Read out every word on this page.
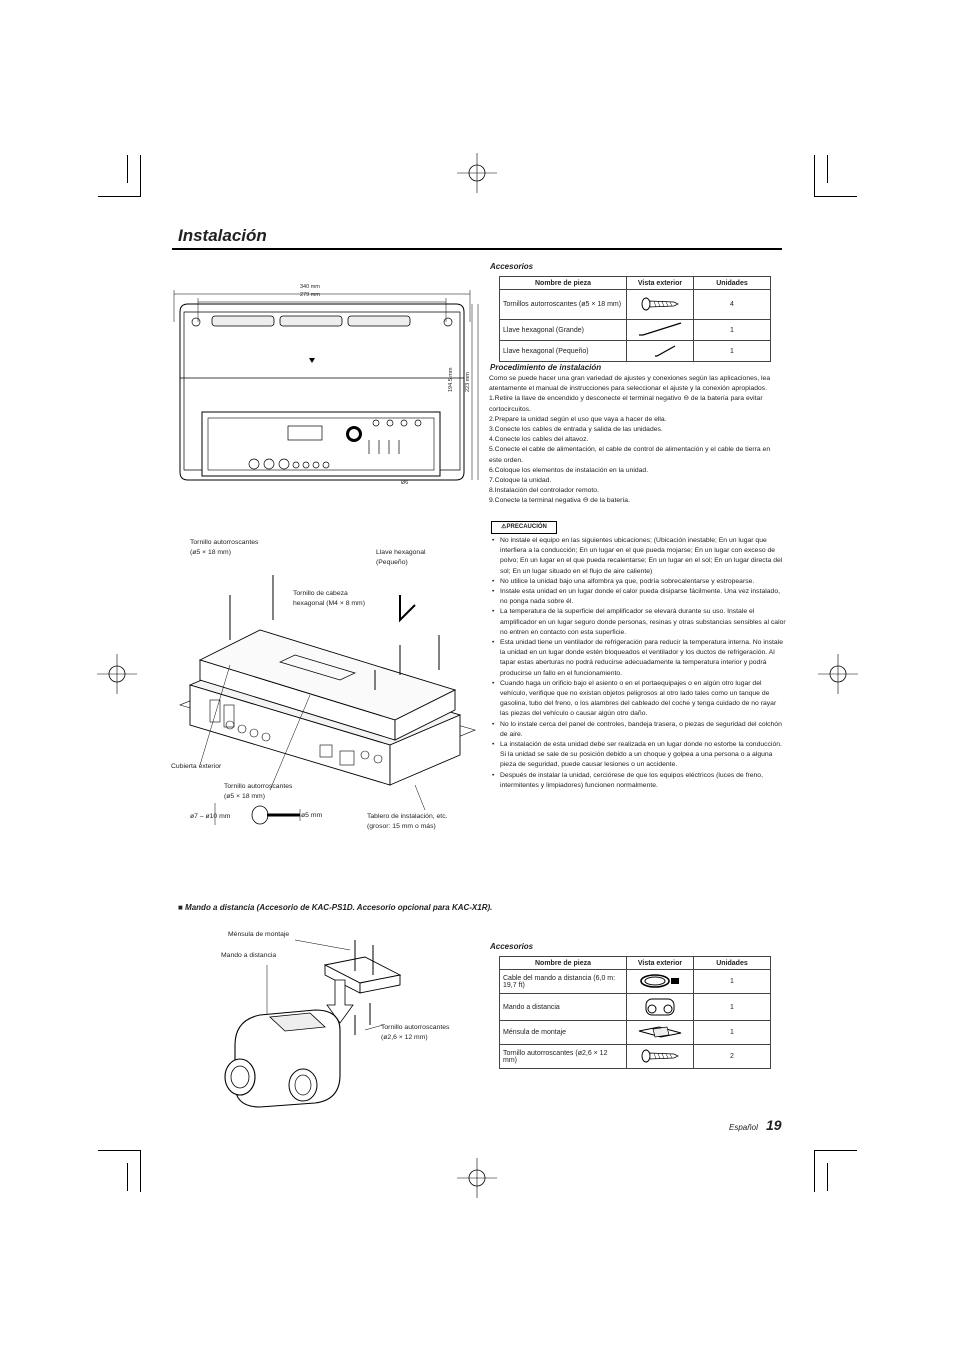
Instalación
340 mm
279 mm
194.5 mm	223 mm
Ø6
Tornillo autorroscantes
(ø5 × 18 mm)	Llave hexagonal
(Pequeño)
Tornillo de cabeza
hexagonal (M4 × 8 mm)
Cubierta exterior
Tornillo autorroscantes
(ø5 × 18 mm)
ø7 – ø10 mm	ø5 mm	Tablero de instalación, etc.
(grosor: 15 mm o más)
Accesorios
Nombre de pieza	Vista exterior	Unidades
Tornillos autorroscantes (ø5 × 18 mm)		4
Llave hexagonal (Grande)		1
Llave hexagonal (Pequeño)		1
Procedimiento de instalación

Como se puede hacer una gran variedad de ajustes y conexiones según las aplicaciones, lea atentamente el manual de instrucciones para seleccionar el ajuste y la conexión apropiados.

1.Retire la llave de encendido y desconecte el terminal negativo ⊖ de la batería para evitar cortocircuitos.
2.Prepare la unidad según el uso que vaya a hacer de ella.
3.Conecte los cables de entrada y salida de las unidades.
4.Conecte los cables del altavoz.
5.Conecte el cable de alimentación, el cable de control de alimentación y el cable de tierra en este orden.
6.Coloque los elementos de instalación en la unidad.
7.Coloque la unidad.
8.Instalación del controlador remoto.
9.Conecte la terminal negativa ⊖ de la batería.
⚠PRECAUCIÓN
• No instale el equipo en las siguientes ubicaciones; (Ubicación inestable; En un lugar que interfiera a la conducción; En un lugar en el que pueda mojarse; En un lugar con exceso de polvo; En un lugar en el que pueda recalentarse; En un lugar en el sol; En un lugar directa del sol; En un lugar situado en el flujo de aire caliente)
• No utilice la unidad bajo una alfombra ya que, podría sobrecalentarse y estropearse.
• Instale esta unidad en un lugar donde el calor pueda disiparse fácilmente. Una vez instalado, no ponga nada sobre él.
• La temperatura de la superficie del amplificador se elevará durante su uso. Instale el amplificador en un lugar seguro donde personas, resinas y otras substancias sensibles al calor no entren en contacto con esta superficie.
• Esta unidad tiene un ventilador de refrigeración para reducir la temperatura interna. No instale la unidad en un lugar donde estén bloqueados el ventilador y los ductos de refrigeración. Al tapar estas aberturas no podrá reducirse adecuadamente la temperatura interior y podrá producirse un fallo en el funcionamiento.
• Cuando haga un orificio bajo el asiento o en el portaequipajes o en algún otro lugar del vehículo, verifique que no existan objetos peligrosos al otro lado tales como un tanque de gasolina, tubo del freno, o los alambres del cableado del coche y tenga cuidado de no rayar las piezas del vehículo o causar algún otro daño.
• No lo instale cerca del panel de controles, bandeja trasera, o piezas de seguridad del colchón de aire.
• La instalación de esta unidad debe ser realizada en un lugar donde no estorbe la conducción. Si la unidad se sale de su posición debido a un choque y golpea a una persona o a alguna pieza de seguridad, puede causar lesiones o un accidente.
• Después de instalar la unidad, cerciórese de que los equipos eléctricos (luces de freno, intermitentes y limpiadores) funcionen normalmente.
■ Mando a distancia (Accesorio de KAC-PS1D. Accesorio opcional para KAC-X1R).
Ménsula de montaje
Mando a distancia
Tornillo autorroscantes
(ø2,6 × 12 mm)
Accesorios
Nombre de pieza	Vista exterior	Unidades
Cable del mando a distancia (6,0 m: 19,7 ft)		1
Mando a distancia		1
Ménsula de montaje		1
Tornillo autorroscantes (ø2,6 × 12 mm)		2
Español 19
